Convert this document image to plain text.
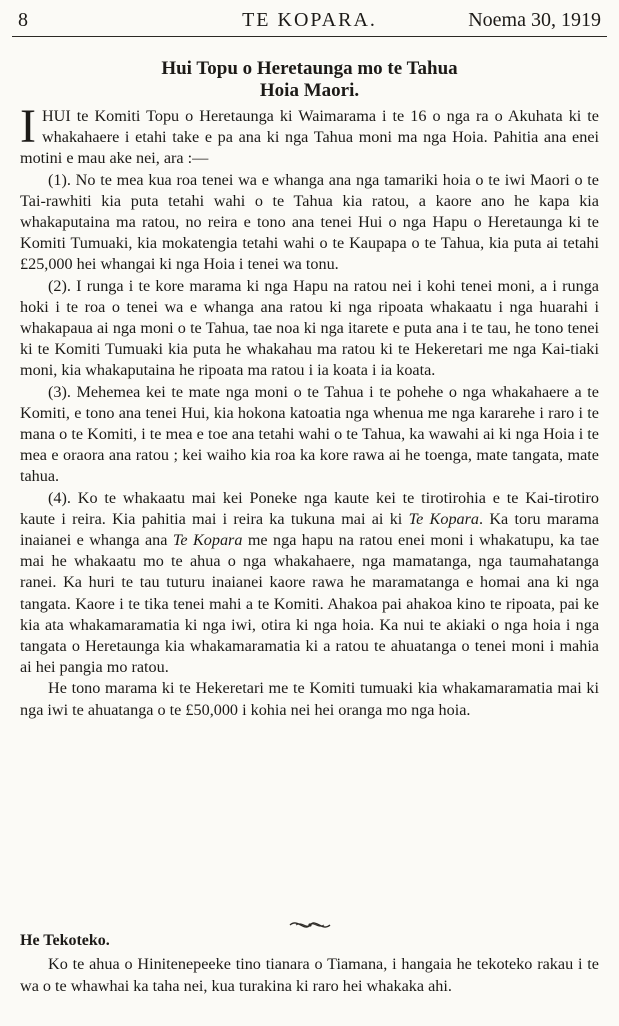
8	TE KOPARA.	Noema 30, 1919
Hui Topu o Heretaunga mo te Tahua
Hoia Maori.

IHUI te Komiti Topu o Heretaunga ki Waimarama i te 16 o nga ra o Akuhata ki te whakahaere i etahi take e pa ana ki nga Tahua moni ma nga Hoia. Pahitia ana enei motini e mau ake nei, ara :—

(1). No te mea kua roa tenei wa e whanga ana nga tamariki hoia o te iwi Maori o te Tai-rawhiti kia puta tetahi wahi o te Tahua kia ratou, a kaore ano he kapa kia whakaputaina ma ratou, no reira e tono ana tenei Hui o nga Hapu o Heretaunga ki te Komiti Tumuaki, kia mokatengia tetahi wahi o te Kaupapa o te Tahua, kia puta ai tetahi £25,000 hei whangai ki nga Hoia i tenei wa tonu.

(2). I runga i te kore marama ki nga Hapu na ratou nei i kohi tenei moni, a i runga hoki i te roa o tenei wa e whanga ana ratou ki nga ripoata whakaatu i nga huarahi i whakapaua ai nga moni o te Tahua, tae noa ki nga itarete e puta ana i te tau, he tono tenei ki te Komiti Tumuaki kia puta he whakahau ma ratou ki te Hekeretari me nga Kai-tiaki moni, kia whakaputaina he ripoata ma ratou i ia koata i ia koata.

(3). Mehemea kei te mate nga moni o te Tahua i te pohehe o nga whakahaere a te Komiti, e tono ana tenei Hui, kia hokona katoatia nga whenua me nga kararehe i raro i te mana o te Komiti, i te mea e toe ana tetahi wahi o te Tahua, ka wawahi ai ki nga Hoia i te mea e oraora ana ratou ; kei waiho kia roa ka kore rawa ai he toenga, mate tangata, mate tahua.

(4). Ko te whakaatu mai kei Poneke nga kaute kei te tirotirohia e te Kai-tirotiro kaute i reira. Kia pahitia mai i reira ka tukuna mai ai ki Te Kopara. Ka toru marama inaianei e whanga ana Te Kopara me nga hapu na ratou enei moni i whakatupu, ka tae mai he whakaatu mo te ahua o nga whakahaere, nga mamatanga, nga taumahatanga ranei. Ka huri te tau tuturu inaianei kaore rawa he maramatanga e homai ana ki nga tangata. Kaore i te tika tenei mahi a te Komiti. Ahakoa pai ahakoa kino te ripoata, pai ke kia ata whakamaramatia ki nga iwi, otira ki nga hoia. Ka nui te akiaki o nga hoia i nga tangata o Heretaunga kia whakamaramatia ki a ratou te ahuatanga o tenei moni i mahia ai hei pangia mo ratou.

He tono marama ki te Hekeretari me te Komiti tumuaki kia whakamaramatia mai ki nga iwi te ahuatanga o te £50,000 i kohia nei hei oranga mo nga hoia.

He Tekoteko.

Ko te ahua o Hinitenepeeke tino tianara o Tiamana, i hangaia he tekoteko rakau i te wa o te whawhai ka taha nei, kua turakina ki raro hei whakaka ahi.
